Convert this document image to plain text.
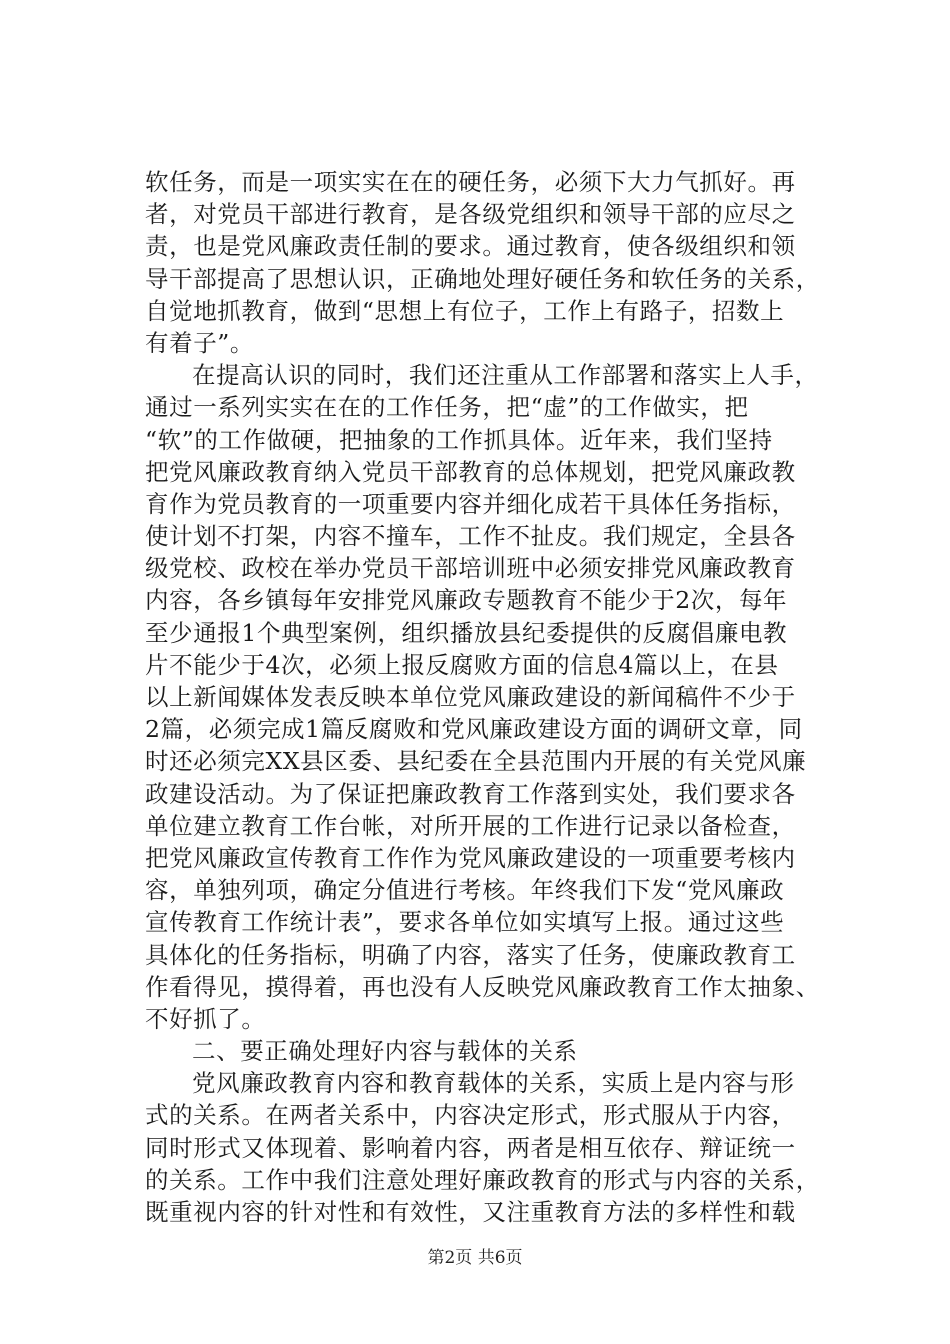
软任务，而是一项实实在在的硬任务，必须下大力气抓好。再
者，对党员干部进行教育，是各级党组织和领导干部的应尽之
责，也是党风廉政责任制的要求。通过教育，使各级组织和领
导干部提高了思想认识，正确地处理好硬任务和软任务的关系，
自觉地抓教育，做到“思想上有位子，工作上有路子，招数上
有着子”。
在提高认识的同时，我们还注重从工作部署和落实上人手，
通过一系列实实在在的工作任务，把“虚”的工作做实，把
“软”的工作做硬，把抽象的工作抓具体。近年来，我们坚持
把党风廉政教育纳入党员干部教育的总体规划，把党风廉政教
育作为党员教育的一项重要内容并细化成若干具体任务指标，
使计划不打架，内容不撞车，工作不扯皮。我们规定，全县各
级党校、政校在举办党员干部培训班中必须安排党风廉政教育
内容，各乡镇每年安排党风廉政专题教育不能少于2次，每年
至少通报1个典型案例，组织播放县纪委提供的反腐倡廉电教
片不能少于4次，必须上报反腐败方面的信息4篇以上，在县
以上新闻媒体发表反映本单位党风廉政建设的新闻稿件不少于
2篇，必须完成1篇反腐败和党风廉政建设方面的调研文章，同
时还必须完XX县区委、县纪委在全县范围内开展的有关党风廉
政建设活动。为了保证把廉政教育工作落到实处，我们要求各
单位建立教育工作台帐，对所开展的工作进行记录以备检查，
把党风廉政宣传教育工作作为党风廉政建设的一项重要考核内
容，单独列项，确定分值进行考核。年终我们下发“党风廉政
宣传教育工作统计表”，要求各单位如实填写上报。通过这些
具体化的任务指标，明确了内容，落实了任务，使廉政教育工
作看得见，摸得着，再也没有人反映党风廉政教育工作太抽象、
不好抓了。
二、要正确处理好内容与载体的关系
党风廉政教育内容和教育载体的关系，实质上是内容与形
式的关系。在两者关系中，内容决定形式，形式服从于内容，
同时形式又体现着、影响着内容，两者是相互依存、辩证统一
的关系。工作中我们注意处理好廉政教育的形式与内容的关系，
既重视内容的针对性和有效性，又注重教育方法的多样性和载
第2页 共6页
